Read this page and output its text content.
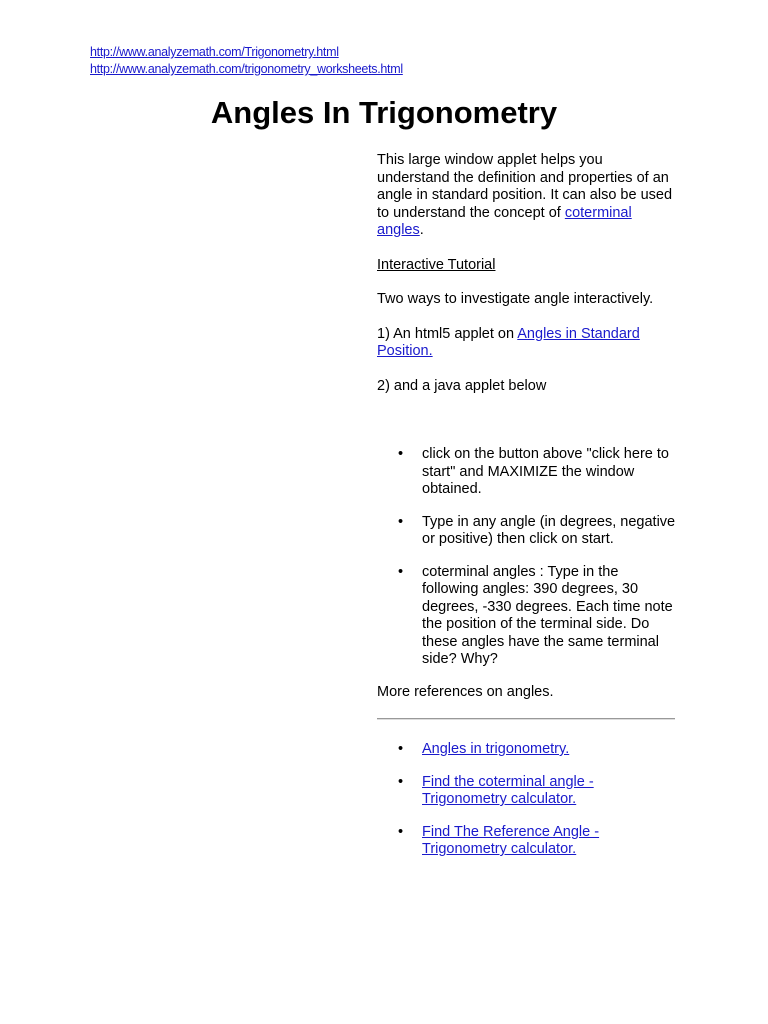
http://www.analyzemath.com/Trigonometry.html
http://www.analyzemath.com/trigonometry_worksheets.html
Angles In Trigonometry

This large window applet helps you understand the definition and properties of an angle in standard position. It can also be used to understand the concept of coterminal angles.

Interactive Tutorial

Two ways to investigate angle interactively.

1) An html5 applet on Angles in Standard Position.

2) and a java applet below

• click on the button above "click here to start" and MAXIMIZE the window obtained.
• Type in any angle (in degrees, negative or positive) then click on start.
• coterminal angles : Type in the following angles: 390 degrees, 30 degrees, -330 degrees. Each time note the position of the terminal side. Do these angles have the same terminal side? Why?

More references on angles.

• Angles in trigonometry.
• Find the coterminal angle - Trigonometry calculator.
• Find The Reference Angle - Trigonometry calculator.
